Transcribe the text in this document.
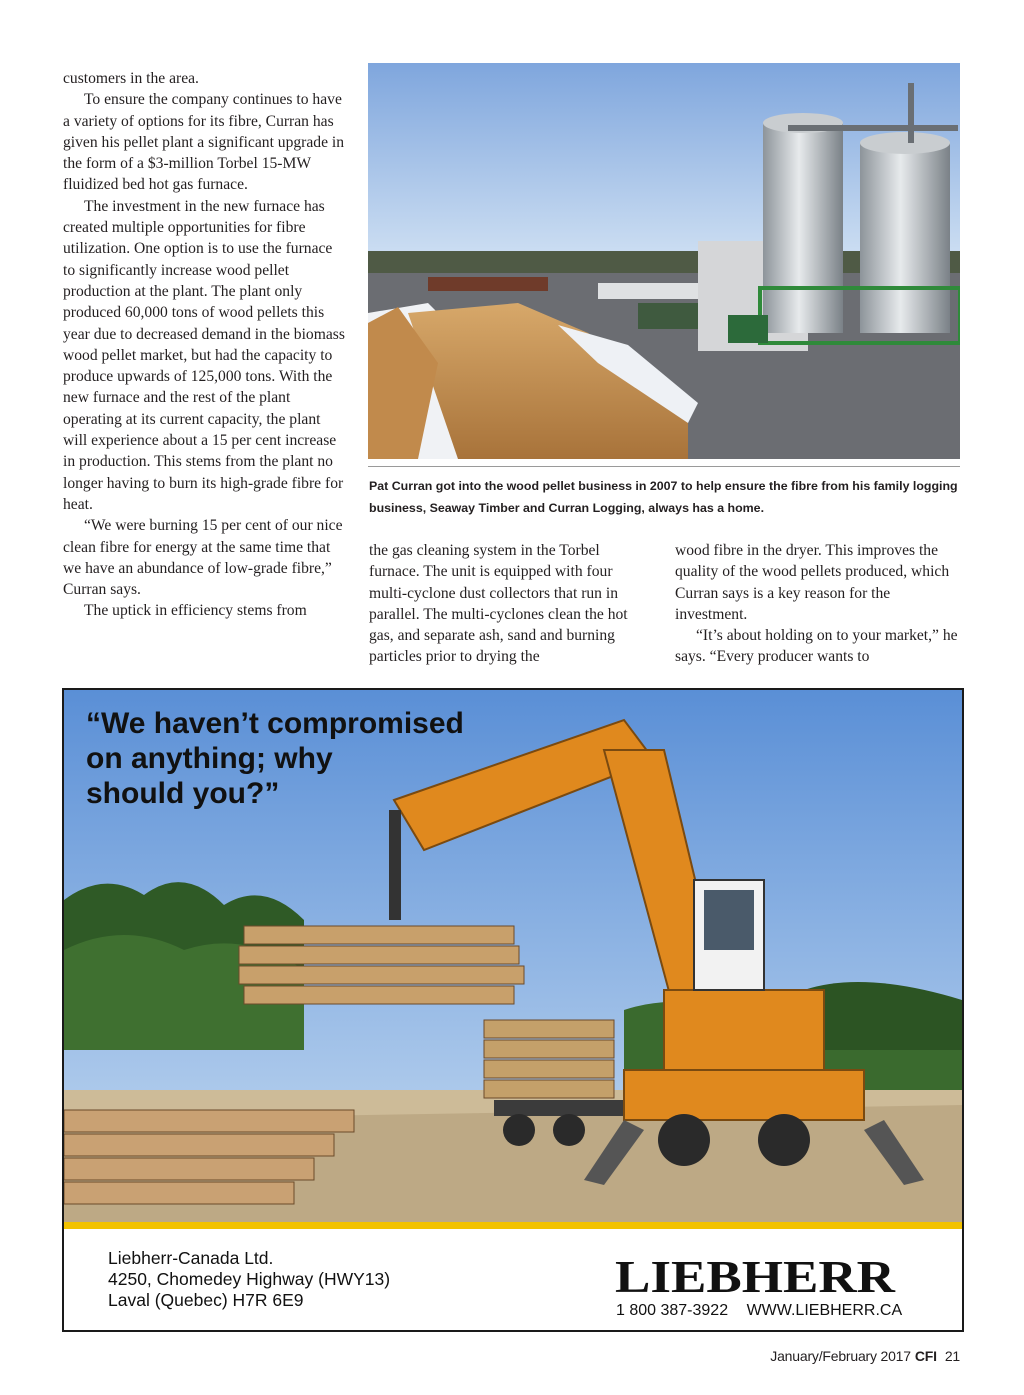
customers in the area.

To ensure the company continues to have a variety of options for its fibre, Curran has given his pellet plant a significant upgrade in the form of a $3-million Torbel 15-MW fluidized bed hot gas furnace.

The investment in the new furnace has created multiple opportunities for fibre utilization. One option is to use the furnace to significantly increase wood pellet production at the plant. The plant only produced 60,000 tons of wood pellets this year due to decreased demand in the biomass wood pellet market, but had the capacity to produce upwards of 125,000 tons. With the new furnace and the rest of the plant operating at its current capacity, the plant will experience about a 15 per cent increase in production. This stems from the plant no longer having to burn its high-grade fibre for heat.

“We were burning 15 per cent of our nice clean fibre for energy at the same time that we have an abundance of low-grade fibre,” Curran says.

The uptick in efficiency stems from

Pat Curran got into the wood pellet business in 2007 to help ensure the fibre from his family logging business, Seaway Timber and Curran Logging, always has a home.

the gas cleaning system in the Torbel furnace. The unit is equipped with four multi-cyclone dust collectors that run in parallel. The multi-cyclones clean the hot gas, and separate ash, sand and burning particles prior to drying the

wood fibre in the dryer. This improves the quality of the wood pellets produced, which Curran says is a key reason for the investment.

“It’s about holding on to your market,” he says. “Every producer wants to

“We haven’t compromised
on anything; why
should you?”

Liebherr-Canada Ltd.
4250, Chomedey Highway (HWY13)
Laval (Quebec) H7R 6E9	LIEBHERR
1 800 387-3922 WWW.LIEBHERR.CA
January/February 2017 CFI 21
